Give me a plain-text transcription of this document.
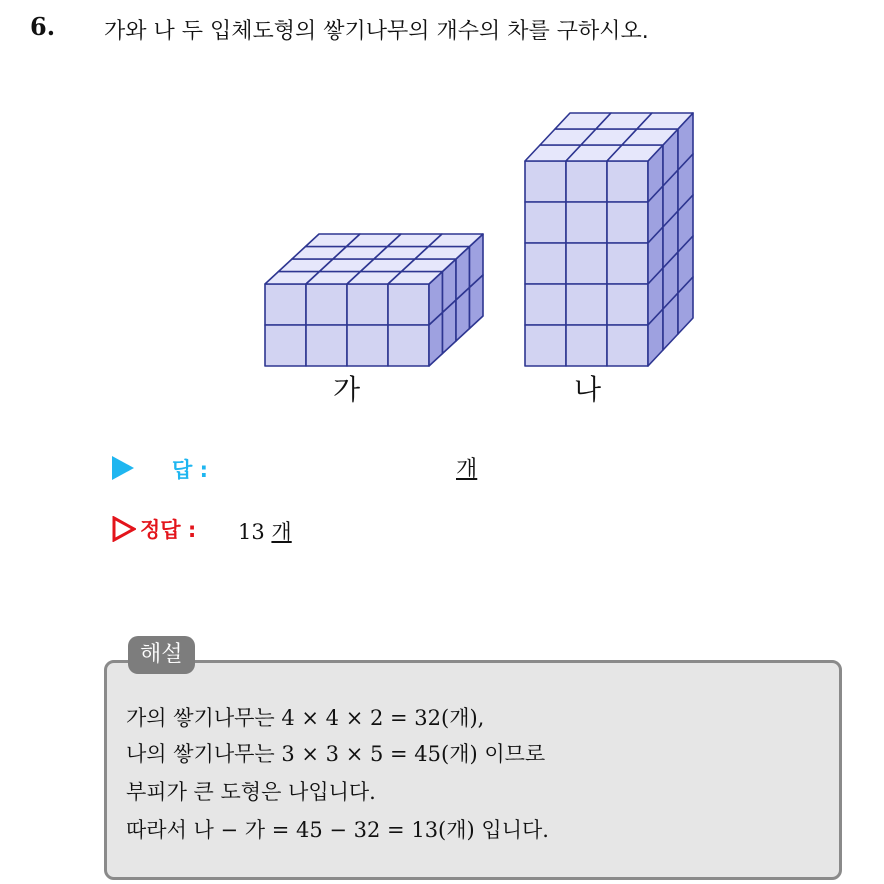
6. 가와 나 두 입체도형의 쌓기나무의 개수의 차를 구하시오.
가	나
답 :	개
정답 : 13 개
해설
가의 쌓기나무는 4 × 4 × 2 = 32(개),
나의 쌓기나무는 3 × 3 × 5 = 45(개) 이므로
부피가 큰 도형은 나입니다.
따라서 나 − 가 = 45 − 32 = 13(개) 입니다.
